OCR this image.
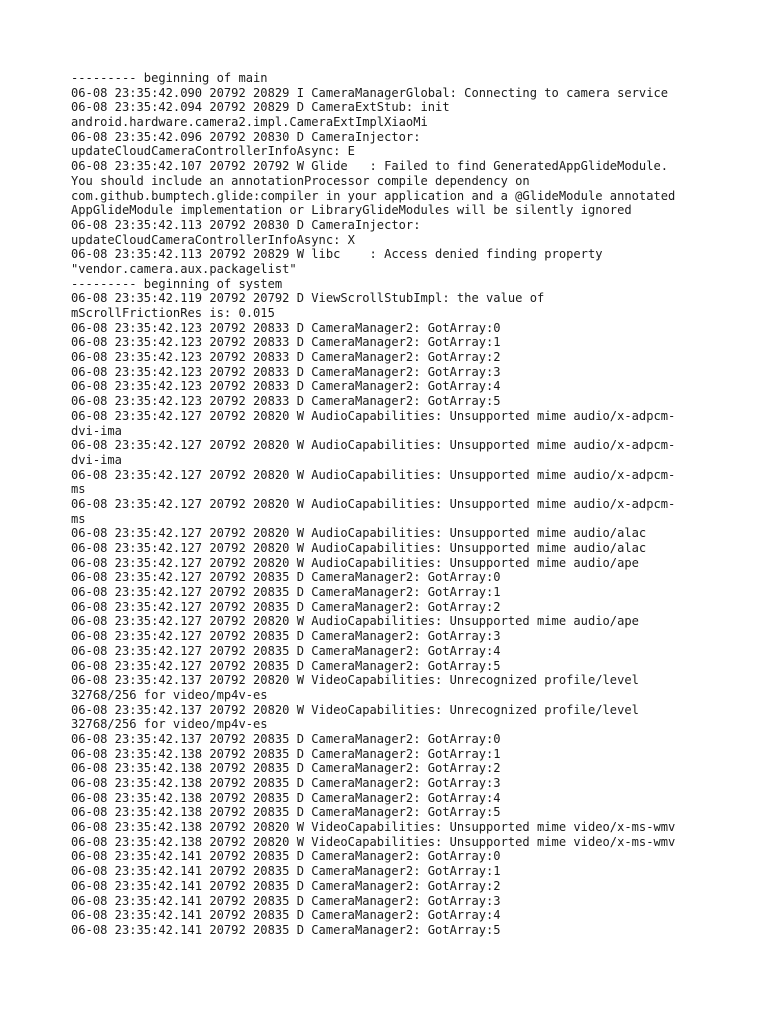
--------- beginning of main
06-08 23:35:42.090 20792 20829 I CameraManagerGlobal: Connecting to camera service
06-08 23:35:42.094 20792 20829 D CameraExtStub: init
android.hardware.camera2.impl.CameraExtImplXiaoMi
06-08 23:35:42.096 20792 20830 D CameraInjector:
updateCloudCameraControllerInfoAsync: E
06-08 23:35:42.107 20792 20792 W Glide   : Failed to find GeneratedAppGlideModule.
You should include an annotationProcessor compile dependency on
com.github.bumptech.glide:compiler in your application and a @GlideModule annotated
AppGlideModule implementation or LibraryGlideModules will be silently ignored
06-08 23:35:42.113 20792 20830 D CameraInjector:
updateCloudCameraControllerInfoAsync: X
06-08 23:35:42.113 20792 20829 W libc    : Access denied finding property
"vendor.camera.aux.packagelist"
--------- beginning of system
06-08 23:35:42.119 20792 20792 D ViewScrollStubImpl: the value of
mScrollFrictionRes is: 0.015
06-08 23:35:42.123 20792 20833 D CameraManager2: GotArray:0
06-08 23:35:42.123 20792 20833 D CameraManager2: GotArray:1
06-08 23:35:42.123 20792 20833 D CameraManager2: GotArray:2
06-08 23:35:42.123 20792 20833 D CameraManager2: GotArray:3
06-08 23:35:42.123 20792 20833 D CameraManager2: GotArray:4
06-08 23:35:42.123 20792 20833 D CameraManager2: GotArray:5
06-08 23:35:42.127 20792 20820 W AudioCapabilities: Unsupported mime audio/x-adpcm-
dvi-ima
06-08 23:35:42.127 20792 20820 W AudioCapabilities: Unsupported mime audio/x-adpcm-
dvi-ima
06-08 23:35:42.127 20792 20820 W AudioCapabilities: Unsupported mime audio/x-adpcm-
ms
06-08 23:35:42.127 20792 20820 W AudioCapabilities: Unsupported mime audio/x-adpcm-
ms
06-08 23:35:42.127 20792 20820 W AudioCapabilities: Unsupported mime audio/alac
06-08 23:35:42.127 20792 20820 W AudioCapabilities: Unsupported mime audio/alac
06-08 23:35:42.127 20792 20820 W AudioCapabilities: Unsupported mime audio/ape
06-08 23:35:42.127 20792 20835 D CameraManager2: GotArray:0
06-08 23:35:42.127 20792 20835 D CameraManager2: GotArray:1
06-08 23:35:42.127 20792 20835 D CameraManager2: GotArray:2
06-08 23:35:42.127 20792 20820 W AudioCapabilities: Unsupported mime audio/ape
06-08 23:35:42.127 20792 20835 D CameraManager2: GotArray:3
06-08 23:35:42.127 20792 20835 D CameraManager2: GotArray:4
06-08 23:35:42.127 20792 20835 D CameraManager2: GotArray:5
06-08 23:35:42.137 20792 20820 W VideoCapabilities: Unrecognized profile/level
32768/256 for video/mp4v-es
06-08 23:35:42.137 20792 20820 W VideoCapabilities: Unrecognized profile/level
32768/256 for video/mp4v-es
06-08 23:35:42.137 20792 20835 D CameraManager2: GotArray:0
06-08 23:35:42.138 20792 20835 D CameraManager2: GotArray:1
06-08 23:35:42.138 20792 20835 D CameraManager2: GotArray:2
06-08 23:35:42.138 20792 20835 D CameraManager2: GotArray:3
06-08 23:35:42.138 20792 20835 D CameraManager2: GotArray:4
06-08 23:35:42.138 20792 20835 D CameraManager2: GotArray:5
06-08 23:35:42.138 20792 20820 W VideoCapabilities: Unsupported mime video/x-ms-wmv
06-08 23:35:42.138 20792 20820 W VideoCapabilities: Unsupported mime video/x-ms-wmv
06-08 23:35:42.141 20792 20835 D CameraManager2: GotArray:0
06-08 23:35:42.141 20792 20835 D CameraManager2: GotArray:1
06-08 23:35:42.141 20792 20835 D CameraManager2: GotArray:2
06-08 23:35:42.141 20792 20835 D CameraManager2: GotArray:3
06-08 23:35:42.141 20792 20835 D CameraManager2: GotArray:4
06-08 23:35:42.141 20792 20835 D CameraManager2: GotArray:5
